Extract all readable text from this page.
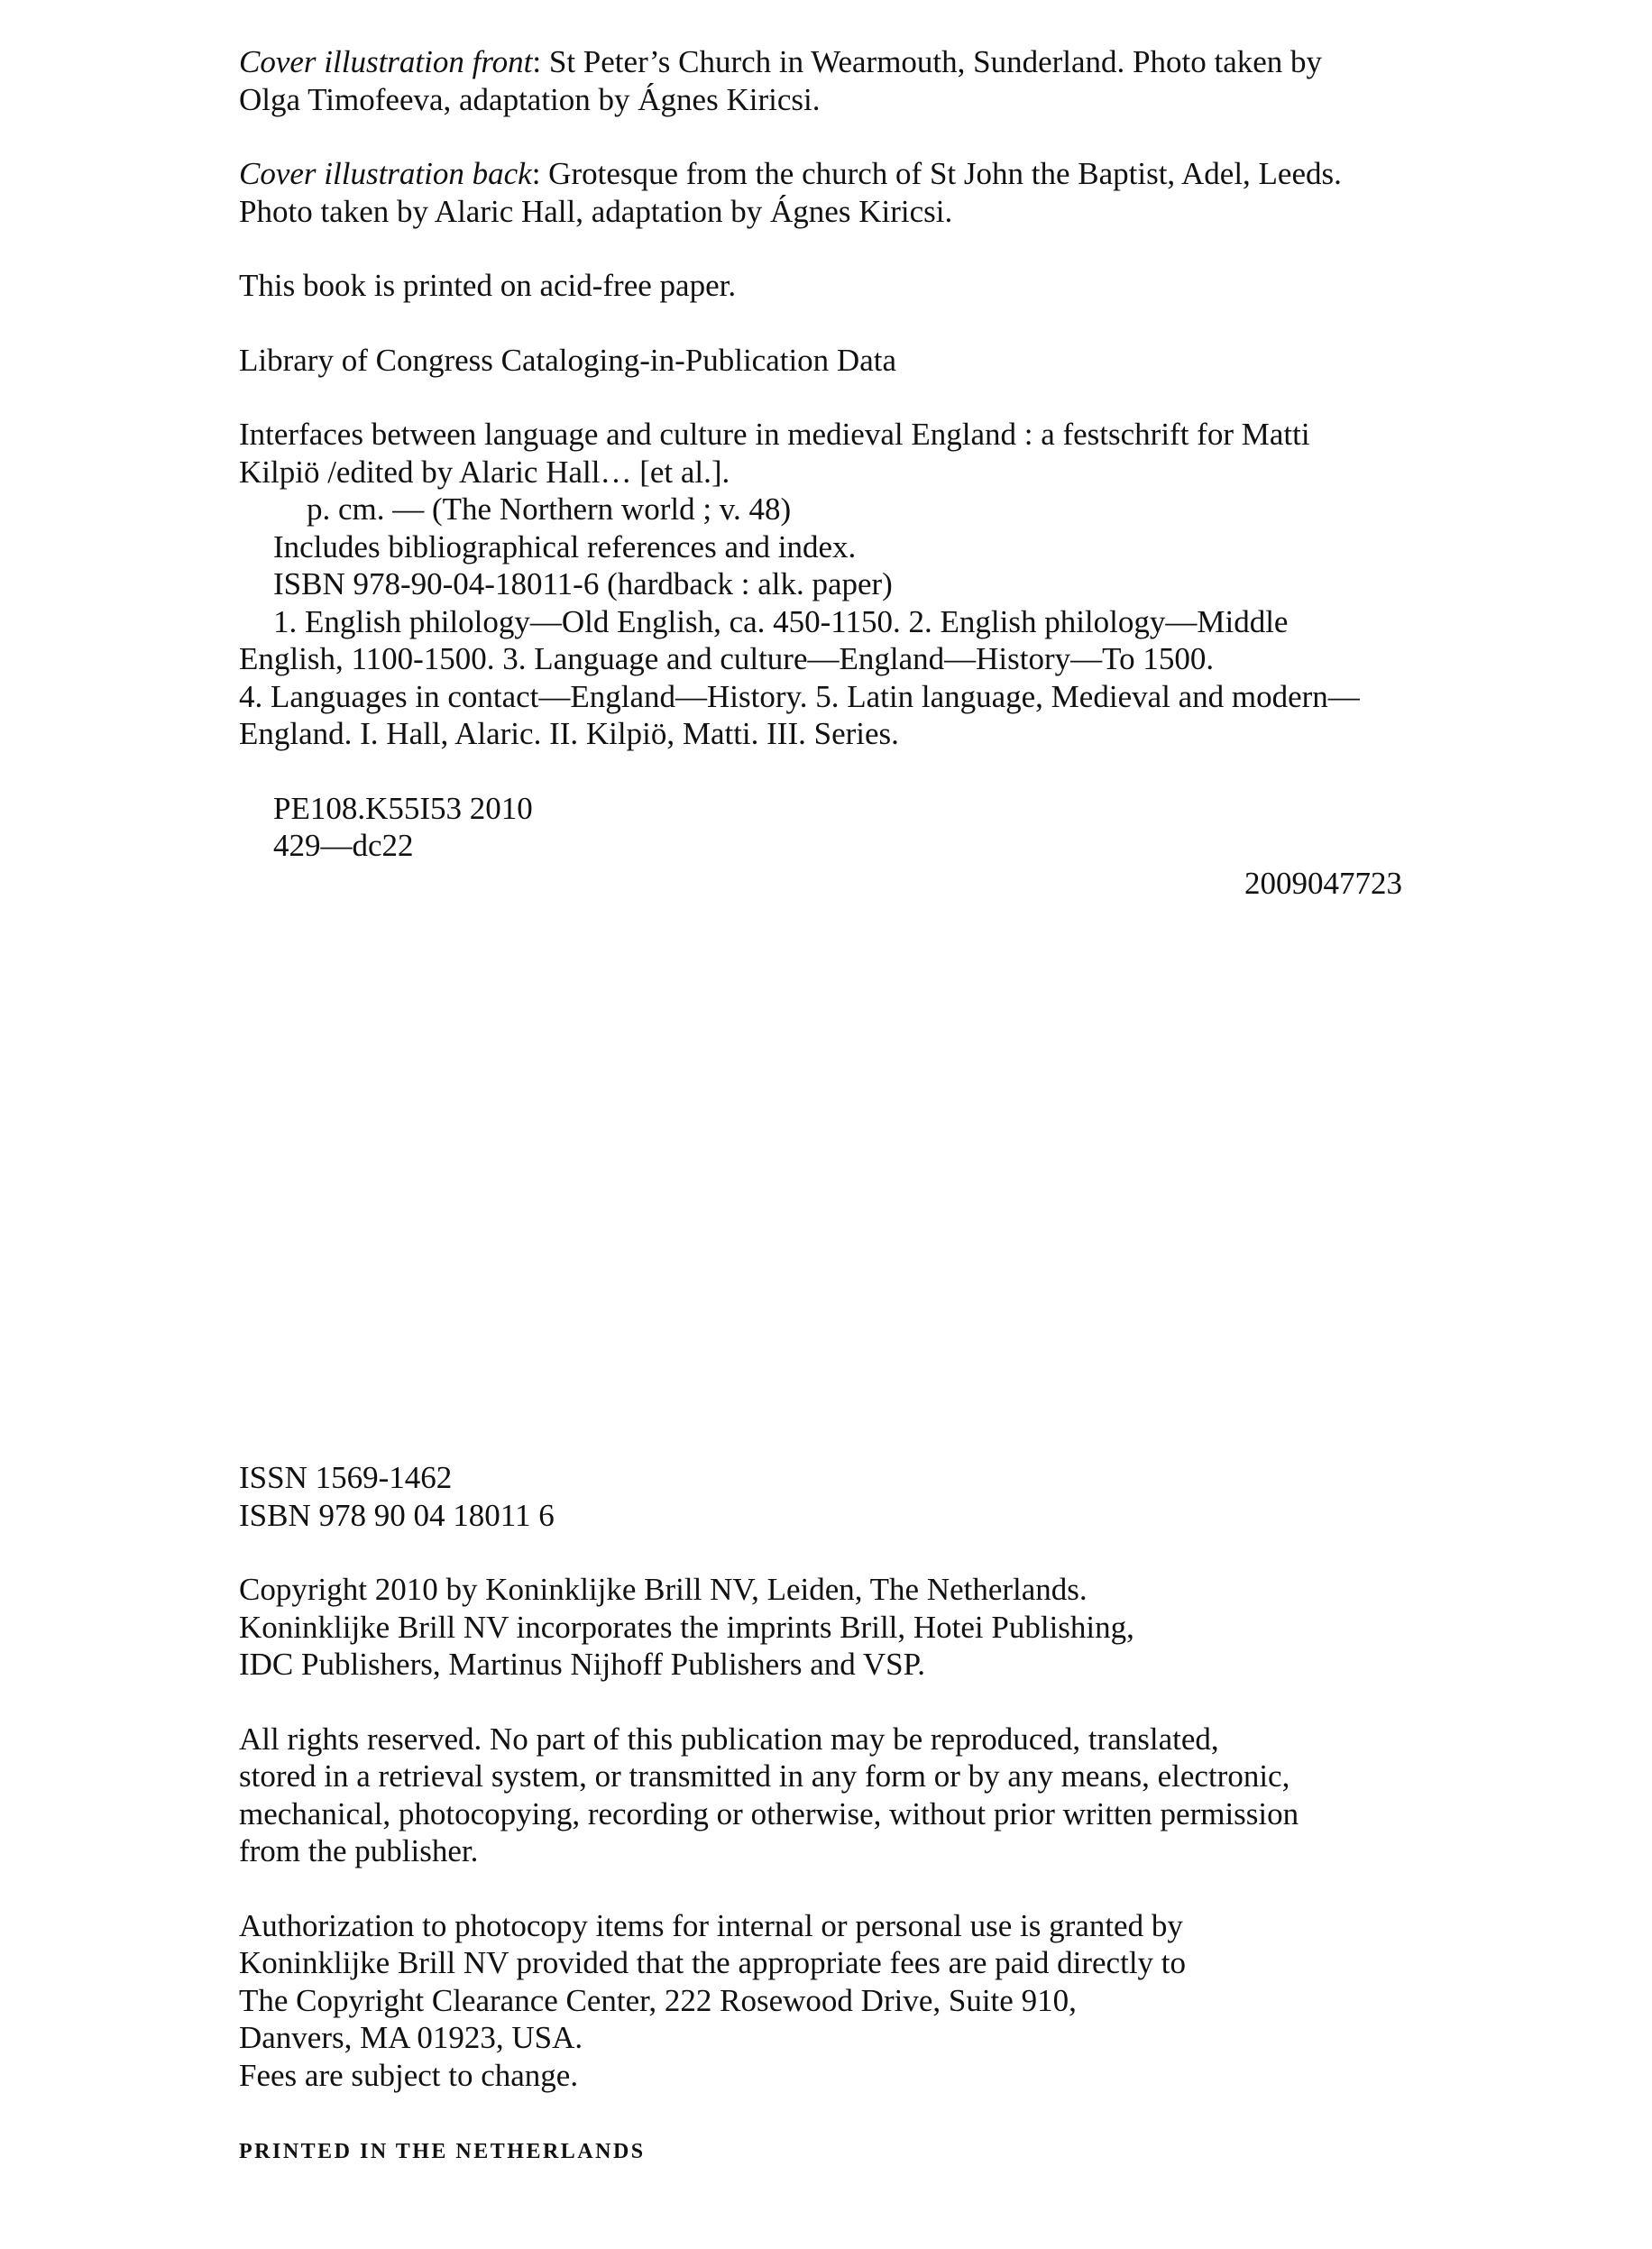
Cover illustration front: St Peter’s Church in Wearmouth, Sunderland. Photo taken by
Olga Timofeeva, adaptation by Ágnes Kiricsi.

Cover illustration back: Grotesque from the church of St John the Baptist, Adel, Leeds.
Photo taken by Alaric Hall, adaptation by Ágnes Kiricsi.

This book is printed on acid-free paper.

Library of Congress Cataloging-in-Publication Data

Interfaces between language and culture in medieval England : a festschrift for Matti
Kilpiö /edited by Alaric Hall… [et al.].
p. cm. — (The Northern world ; v. 48)
Includes bibliographical references and index.
ISBN 978-90-04-18011-6 (hardback : alk. paper)
1. English philology—Old English, ca. 450-1150. 2. English philology—Middle
English, 1100-1500. 3. Language and culture—England—History—To 1500.
4. Languages in contact—England—History. 5. Latin language, Medieval and modern—
England. I. Hall, Alaric. II. Kilpiö, Matti. III. Series.
PE108.K55I53 2010
429—dc22
2009047723
ISSN 1569-1462
ISBN 978 90 04 18011 6
Copyright 2010 by Koninklijke Brill NV, Leiden, The Netherlands.
Koninklijke Brill NV incorporates the imprints Brill, Hotei Publishing,
IDC Publishers, Martinus Nijhoff Publishers and VSP.
All rights reserved. No part of this publication may be reproduced, translated,
stored in a retrieval system, or transmitted in any form or by any means, electronic,
mechanical, photocopying, recording or otherwise, without prior written permission
from the publisher.
Authorization to photocopy items for internal or personal use is granted by
Koninklijke Brill NV provided that the appropriate fees are paid directly to
The Copyright Clearance Center, 222 Rosewood Drive, Suite 910,
Danvers, MA 01923, USA.
Fees are subject to change.

PRINTED IN THE NETHERLANDS
